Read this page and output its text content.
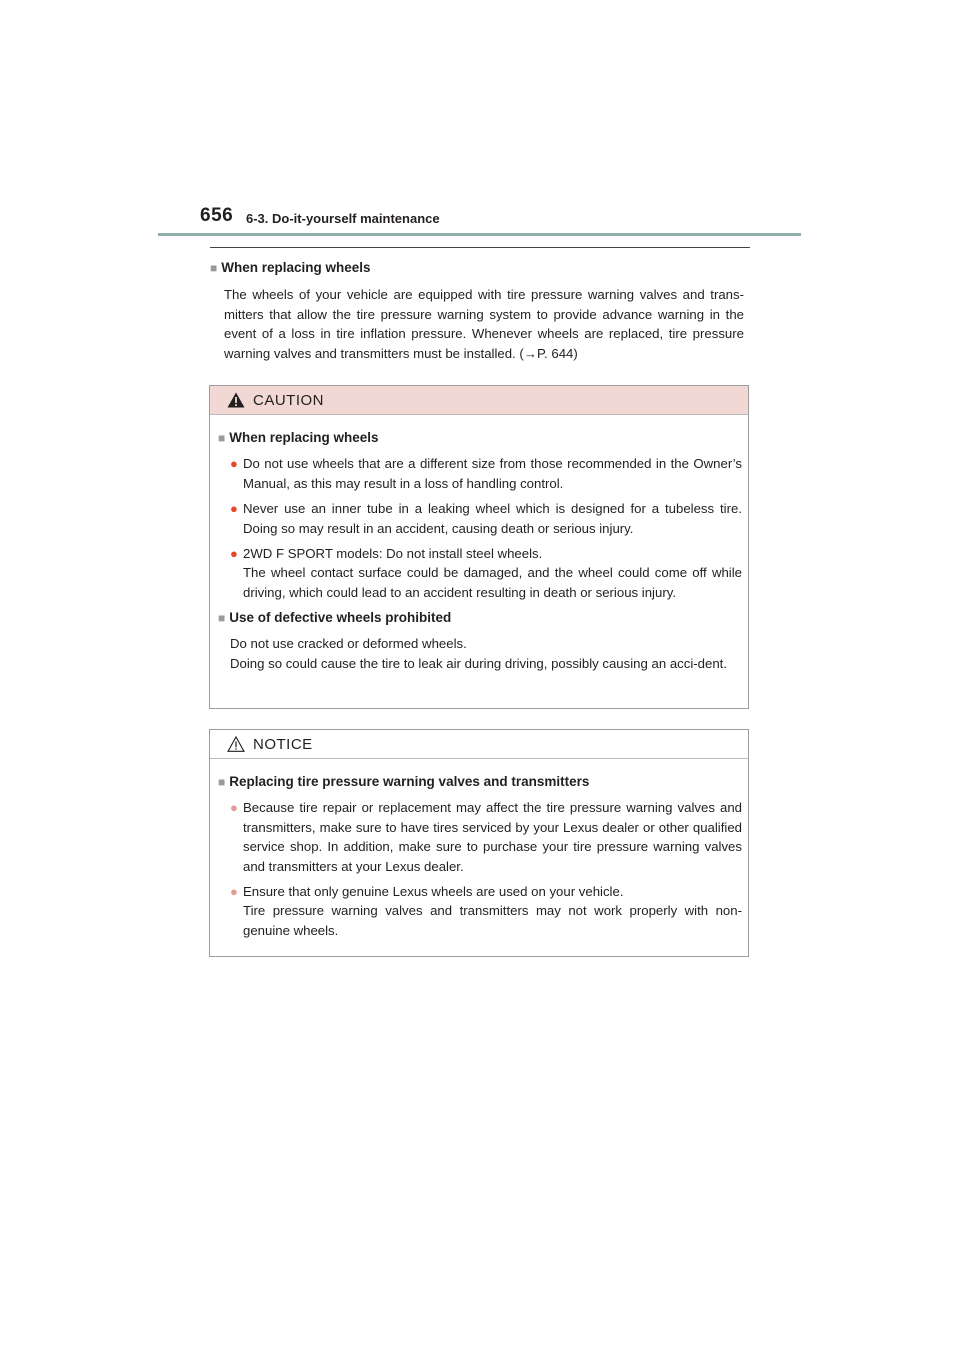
656 6-3. Do-it-yourself maintenance
■ When replacing wheels
The wheels of your vehicle are equipped with tire pressure warning valves and trans-mitters that allow the tire pressure warning system to provide advance warning in the event of a loss in tire inflation pressure. Whenever wheels are replaced, tire pressure warning valves and transmitters must be installed. (→P. 644)
CAUTION
■ When replacing wheels
● Do not use wheels that are a different size from those recommended in the Owner’s Manual, as this may result in a loss of handling control.
● Never use an inner tube in a leaking wheel which is designed for a tubeless tire. Doing so may result in an accident, causing death or serious injury.
● 2WD F SPORT models: Do not install steel wheels.
The wheel contact surface could be damaged, and the wheel could come off while driving, which could lead to an accident resulting in death or serious injury.
■ Use of defective wheels prohibited
Do not use cracked or deformed wheels.
Doing so could cause the tire to leak air during driving, possibly causing an acci-dent.
NOTICE
■ Replacing tire pressure warning valves and transmitters
● Because tire repair or replacement may affect the tire pressure warning valves and transmitters, make sure to have tires serviced by your Lexus dealer or other qualified service shop. In addition, make sure to purchase your tire pressure warning valves and transmitters at your Lexus dealer.
● Ensure that only genuine Lexus wheels are used on your vehicle.
Tire pressure warning valves and transmitters may not work properly with non-genuine wheels.
